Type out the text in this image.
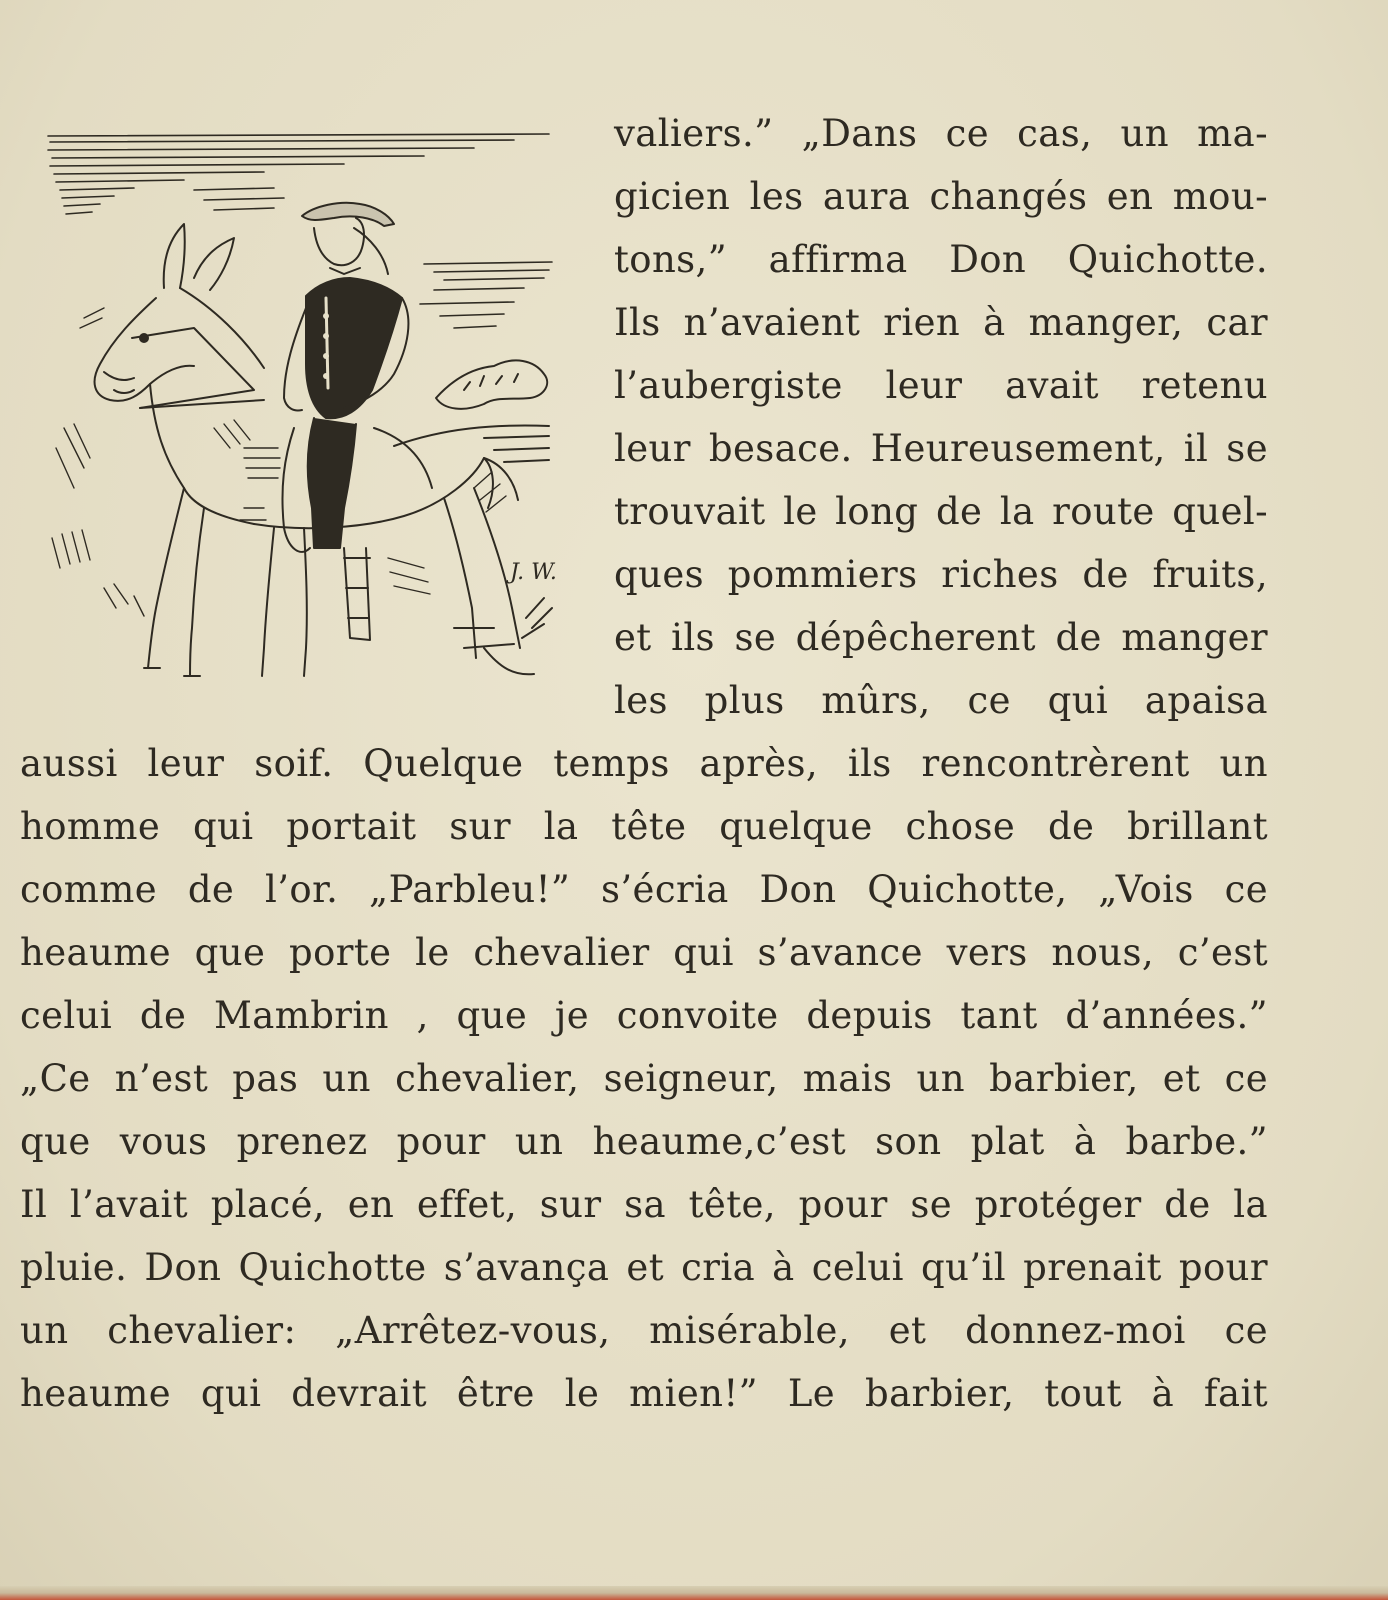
J. W.
valiers.” „Dans ce cas, un ma-
gicien les aura changés en mou-
tons,” affirma Don Quichotte.
Ils n’avaient rien à manger, car
l’aubergiste leur avait retenu
leur besace. Heureusement, il se
trouvait le long de la route quel-
ques pommiers riches de fruits,
et ils se dépêcherent de manger
les plus mûrs, ce qui apaisa
aussi leur soif. Quelque temps après, ils rencontrèrent un
homme qui portait sur la tête quelque chose de brillant
comme de l’or. „Parbleu!” s’écria Don Quichotte, „Vois ce
heaume que porte le chevalier qui s’avance vers nous, c’est
celui de Mambrin , que je convoite depuis tant d’années.”
„Ce n’est pas un chevalier, seigneur, mais un barbier, et ce
que vous prenez pour un heaume,c’est son plat à barbe.”
Il l’avait placé, en effet, sur sa tête, pour se protéger de la
pluie. Don Quichotte s’avança et cria à celui qu’il prenait pour
un chevalier: „Arrêtez-vous, misérable, et donnez-moi ce
heaume qui devrait être le mien!” Le barbier, tout à fait
